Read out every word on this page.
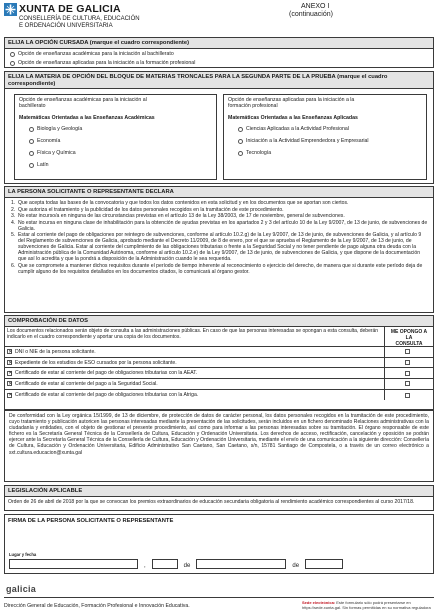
XUNTA DE GALICIA
CONSELLERÍA DE CULTURA, EDUCACIÓN
E ORDENACIÓN UNIVERSITARIA
ANEXO I
(continuación)
ELIJA LA OPCIÓN CURSADA (marque el cuadro correspondiente)
Opción de enseñanzas académicas para la iniciación al bachillerato
Opción de enseñanzas aplicadas para la iniciación a la formación profesional
ELIJA LA MATERIA DE OPCIÓN DEL BLOQUE DE MATERIAS TRONCALES PARA LA SEGUNDA PARTE DE LA PRUEBA (marque el cuadro correspondiente)
Opción de enseñanzas académicas para la iniciación al
bachillerato
Matemáticas Orientadas a las Enseñanzas Académicas
Biología y Geología
Economía
Física y Química
Latín
Opción de enseñanzas aplicadas para la iniciación a la
formación profesional
Matemáticas Orientadas a las Enseñanzas Aplicadas
Ciencias Aplicadas a la Actividad Profesional
Iniciación a la Actividad Emprendedora y Empresarial
Tecnología
LA PERSONA SOLICITANTE O REPRESENTANTE DECLARA
1. Que acepta todas las bases de la convocatoria y que todos los datos contenidos en esta solicitud y en los documentos que se aportan son ciertos.
2. Que autoriza el tratamiento y la publicidad de los datos personales recogidos en la tramitación de este procedimiento.
3. No estar incurso/a en ninguna de las circunstancias previstas en el artículo 13 de la Ley 38/2003, de 17 de noviembre, general de subvenciones.
4. No estar incursa en ninguna clase de inhabilitación para la obtención de ayudas previstas en los apartados 2 y 3 del artículo 10 de la Ley 9/2007, de 13 de junio, de subvenciones de Galicia.
5. Estar al corriente del pago de obligaciones por reintegro de subvenciones, conforme al artículo 10.2.g) de la Ley 9/2007, de 13 de junio, de subvenciones de Galicia, y al artículo 9 del Reglamento de subvenciones de Galicia, aprobado mediante el Decreto 11/2009, de 8 de enero, por el que se aprueba el Reglamento de la Ley 9/2007, de 13 de junio, de subvenciones de Galicia. Estar al corriente del cumplimiento de las obligaciones tributarias o frente a la Seguridad Social y no tener pendiente de pago alguna otra deuda con la Administración pública de la Comunidad Autónoma, conforme al artículo 10.2.e) de la Ley 9/2007, de 13 de junio, de subvenciones de Galicia, y que dispone de la documentación que así lo acredita y que la pondrá a disposición de la Administración cuando le sea requerida.
6. Que se compromete a mantener dichos requisitos durante el período de tiempo inherente al reconocimiento o ejercicio del derecho, de manera que si durante este período deja de cumplir alguno de los requisitos detallados en los documentos citados, lo comunicará al órgano gestor.
COMPROBACIÓN DE DATOS
Los documentos relacionados serán objeto de consulta a las administraciones públicas. En caso de que las personas interesadas se opongan a esta consulta, deberán indicarlo en el cuadro correspondiente y aportar una copia de los documentos.
✕
DNI o NIE de la persona solicitante.
✕
Expediente de los estudios de ESO cursados por la persona solicitante.
✕
Certificado de estar al corriente del pago de obligaciones tributarias con la AEAT.
✕
Certificado de estar al corriente del pago a la Seguridad Social.
✕
Certificado de estar al corriente del pago de obligaciones tributarias con la Atriga.
ME OPONGO A LA
CONSULTA
De conformidad con la Ley orgánica 15/1999, de 13 de diciembre, de protección de datos de carácter personal, los datos personales recogidos en la tramitación de este procedimiento, cuyo tratamiento y publicación autoricen las personas interesadas mediante la presentación de las solicitudes, serán incluidos en un fichero denominado Relaciones administrativas con la ciudadanía y entidades, con el objeto de gestionar el presente procedimiento, así como para informar a las personas interesadas sobre su tramitación. El órgano responsable de este fichero es la Secretaría General Técnica de la Consellería de Cultura, Educación y Ordenación Universitaria. Los derechos de acceso, rectificación, cancelación y oposición se podrán ejercer ante la Secretaría General Técnica de la Consellería de Cultura, Educación y Ordenación Universitaria, mediante el envío de una comunicación a la siguiente dirección: Consellería de Cultura, Educación y Ordenación Universitaria, Edificio Administrativo San Caetano, San Caetano, s/n, 15781 Santiago de Compostela, o a través de un correo electrónico a sxt.cultura.educacion@xunta.gal
LEGISLACIÓN APLICABLE
Orden de 26 de abril de 2018 por la que se convocan los premios extraordinarios de educación secundaria obligatoria al rendimiento académico correspondientes al curso 2017/18.
FIRMA DE LA PERSONA SOLICITANTE O REPRESENTANTE
Lugar y fecha
,	de	de
galicia
Dirección General de Educación, Formación Profesional e Innovación Educativa.
Sede electrónica: Este formulario sólo podrá presentarse en https://sede.xunta.gal. Sin formas permitidas en su normativa reguladora
